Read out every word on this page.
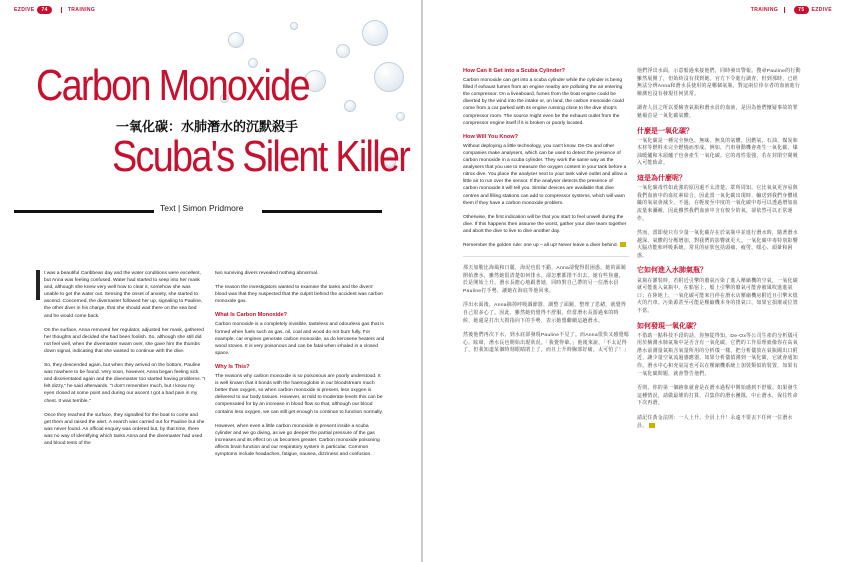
EZDIVE 74	TRAINING
Carbon Monoxide
一氧化碳：水肺潛水的沉默殺手
Scuba's Silent Killer
Text | Simon Pridmore

t was a beautiful Caribbean day and the water conditions were excellent, but Anna was feeling confused. Water had started to seep into her mask and, although she knew very well how to clear it, somehow she was unable to get the water out. Sensing the onset of anxiety, she started to ascend. Concerned, the divemaster followed her up, signaling to Pauline, the other diver in his charge, that she should wait there on the sea bed and he would come back.

On the surface, Anna removed her regulator, adjusted her mask, gathered her thoughts and decided she had been foolish. So, although she still did not feel well, when the divemaster swam over, she gave him the thumbs down signal, indicating that she wanted to continue with the dive.

So, they descended again, but when they arrived on the bottom, Pauline was nowhere to be found. Very soon, however, Anna began feeling sick and disorientated again and the divemaster too started having problems. "I felt dizzy," he said afterwards. "I don't remember much, but I know my eyes closed at some point and during our ascent I got a bad pain in my chest. It was terrible."

Once they reached the surface, they signalled for the boat to come and get them and raised the alert. A search was carried out for Pauline but she was never found. An official enquiry was ordered but, by that time, there was no way of identifying which tanks Anna and the divemaster had used and blood tests of the

two surviving divers revealed nothing abnormal.

The reason the investigators wanted to examine the tanks and the divers' blood was that they suspected that the culprit behind the accident was carbon monoxide gas.

What Is Carbon Monoxide?

Carbon monoxide is a completely invisible, tasteless and odourless gas that is formed when fuels such as gas, oil, coal and wood do not burn fully. For example, car engines generate carbon monoxide, as do kerosene heaters and wood stoves. It is very poisonous and can be fatal when inhaled in a closed space.

Why Is This?

The reasons why carbon monoxide is so poisonous are poorly understood. It is well known that it bonds with the haemoglobin in our bloodstream much better than oxygen, so when carbon monoxide is present, less oxygen is delivered to our body tissues. However, at mild to moderate levels this can be compensated for by an increase in blood flow so that, although our blood contains less oxygen, we can still get enough to continue to function normally.

However, when even a little carbon monoxide is present inside a scuba cylinder and we go diving, as we go deeper the partial pressure of the gas increases and its effect on us becomes greater. Carbon monoxide poisoning affects brain function and our respiratory system in particular. Common symptoms include headaches, fatigue, nausea, dizziness and confusion.

TRAINING	75 EZDIVE
How Can It Get into a Scuba Cylinder?

Carbon monoxide can get into a scuba cylinder while the cylinder is being filled if exhaust fumes from an engine nearby are polluting the air entering the compressor. On a liveaboard, fumes from the boat engine could be diverted by the wind into the intake or, on land, the carbon monoxide could come from a car parked with its engine running close to the dive shop's compressor room. The source might even be the exhaust outlet from the compressor engine itself if it is broken or poorly located.

How Will You Know?

Without deploying a little technology, you can't know. De-Ox and other companies make analysers, which can be used to detect the presence of carbon monoxide in a scuba cylinder. They work the same way as the analysers that you use to measure the oxygen content in your tank before a nitrox dive. You place the analyser next to your tank valve outlet and allow a little air to run over the sensor. If the analyser detects the presence of carbon monoxide it will tell you. Similar devices are available that dive centres and filling stations can add to compressor systems, which will warn them if they have a carbon monoxide problem.

Otherwise, the first indication will be that you start to feel unwell during the dive. If this happens then assume the worst, gather your dive team together and abort the dive to live to dive another day.

Remember the golden rule: one up – all up! Never leave a diver behind.

那天加勒比海風和日麗，海況也很不錯，Anna卻覺得很困惑。她的面鏡開始滲水，雖然她很清楚如何排水，卻怎麼都排不出去。她有些焦慮，於是開始上升。潛水長擔心地跟著她，同時對自己帶的另一位潛水員Pauline打手勢，讓她在海底等他回來。

浮出水面後，Anna摘掉呼吸調節器，調整了面鏡，整理了思緒，就覺得自己很多心了。因此，雖然她仍覺得不舒服，但當潛水長游過來的時候，她還是打出大拇指向下的手勢，表示她想繼續這趟潛水。

然後他們再次下水，到水底卻發現Pauline不見了。而Anna很快又感覺噁心、眩暈，潛水長也開始出現狀況。「我覺得暈。」他後來說，「不太記得了，但我知道某個時刻眼睛閉上了，而且上升時胸部好痛，太可怕了！」

他們浮出水面，示意船過來接他們，同時發出警報。搜尋Pauline的行動雖然展開了，但始終沒有找到她。官方下令進行調查，但到那時，已經無法分辨Anna和潛水長使用的是哪個氣瓶，對這兩位倖存者的血液進行檢測也沒有發現任何異常。

調查人員之所以要檢查氣瓶和潛水員的血液，是因為他們懷疑事故的罪魁禍首是一氧化碳氣體。

什麼是一氧化碳？

一氧化碳是一種完全無色、無味、無臭的氣體，因燃氣、石油、煤炭和木材等燃料未完全燃燒而形成。例如，汽車發動機會產生一氧化碳，煤油暖爐和木頭爐子也會產生一氧化碳。它的毒性很強，若在封閉空間吸入可能致命。

這是為什麼呢？

一氧化碳毒性如此強的原因還不太清楚。眾所周知，它比氧氣更容易與我們血液中的血紅素結合，因此當一氧化碳出現時，輸送到我們身體組織的氧氣會減少。不過，在輕度至中度的一氧化碳中毒可以透過增加血流量來彌補，因此雖然我們血液中含有較少的氧，卻依然可以正常運作。

然而，當即使只有少量一氧化碳存在於氣瓶中並進行潛水時，隨著潛水越深，氣體的分壓增加，對我們的影響就更大。一氧化碳中毒特別影響大腦功能和呼吸系統。常見的症狀包括頭痛、疲勞、噁心、頭暈和困惑。

它如何進入水肺氣瓶？

氣瓶在灌裝時，若附近引擎的廢氣污染了進入壓縮機的空氣，一氧化碳就可能進入氣瓶中。在船宿上，船上引擎的廢氣可能會被風吹進進氣口；在陸地上，一氧化碳可能來自停在潛水店壓縮機房附近且引擎未熄火的汽車。污染源甚至可能是壓縮機本身的排氣口，如果它損壞或位置不當。

如何發現一氧化碳？

不借助一點科技手段的話，你無從得知。De-Ox等公司生產的分析儀可用於檢測水肺氣瓶中是否含有一氧化碳。它們的工作原理就像你在高氧潛水前測量氣瓶含氧量所用的分析儀一樣。把分析儀放在氣瓶閥出口附近，讓少量空氣流過感應器。如果分析儀偵測到一氧化碳，它就會通知你。潛水中心和充氣站也可以在壓縮機系統上加裝類似的裝置，如果有一氧化碳問題，就會警告他們。

否則，你的第一個跡象就會是在潛水過程中開始感到不舒服。如果發生這種情況，請做最壞的打算，召集你的潛水團隊，中止潛水，保住性命下次再潛。

請記住黃金法則：一人上升，全員上升！永遠不要丟下任何一位潛水員。
